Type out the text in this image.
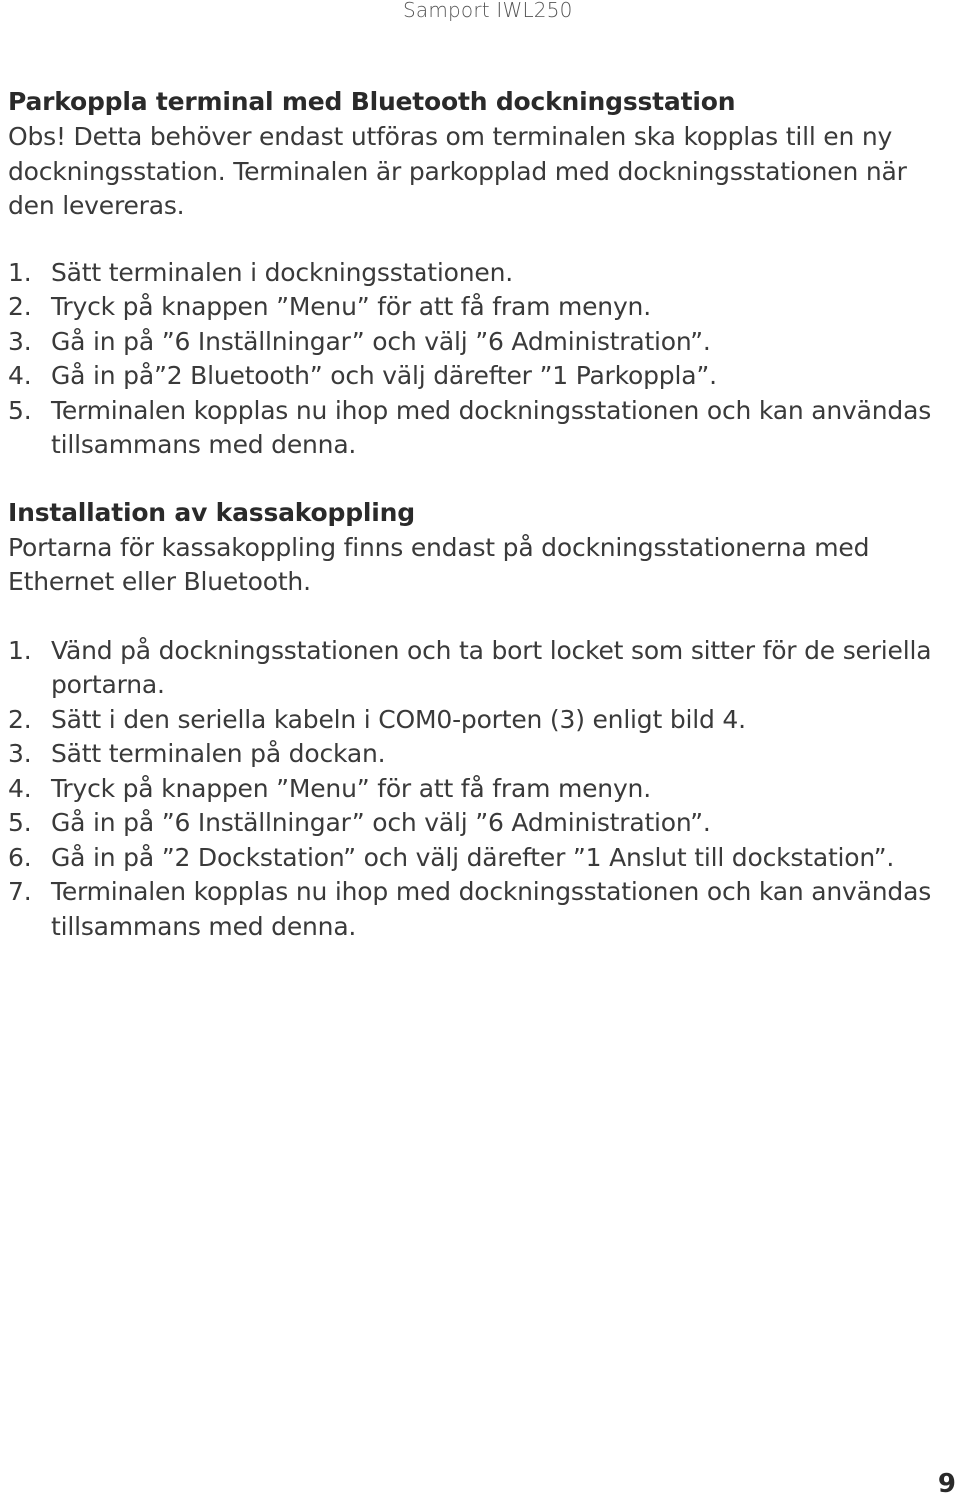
Samport IWL250
Parkoppla terminal med Bluetooth dockningsstation

Obs! Detta behöver endast utföras om terminalen ska kopplas till en ny dockningsstation. Terminalen är parkopplad med dockningsstationen när den levereras.

1. Sätt terminalen i dockningsstationen.
2. Tryck på knappen ”Menu” för att få fram menyn.
3. Gå in på ”6 Inställningar” och välj ”6 Administration”.
4. Gå in på”2 Bluetooth” och välj därefter ”1 Parkoppla”.
5. Terminalen kopplas nu ihop med dockningsstationen och kan användas tillsammans med denna.
Installation av kassakoppling

Portarna för kassakoppling finns endast på dockningsstationerna med Ethernet eller Bluetooth.

1. Vänd på dockningsstationen och ta bort locket som sitter för de seriella portarna.
2. Sätt i den seriella kabeln i COM0-porten (3) enligt bild 4.
3. Sätt terminalen på dockan.
4. Tryck på knappen ”Menu” för att få fram menyn.
5. Gå in på ”6 Inställningar” och välj ”6 Administration”.
6. Gå in på ”2 Dockstation” och välj därefter ”1 Anslut till dockstation”.
7. Terminalen kopplas nu ihop med dockningsstationen och kan användas tillsammans med denna.
9
